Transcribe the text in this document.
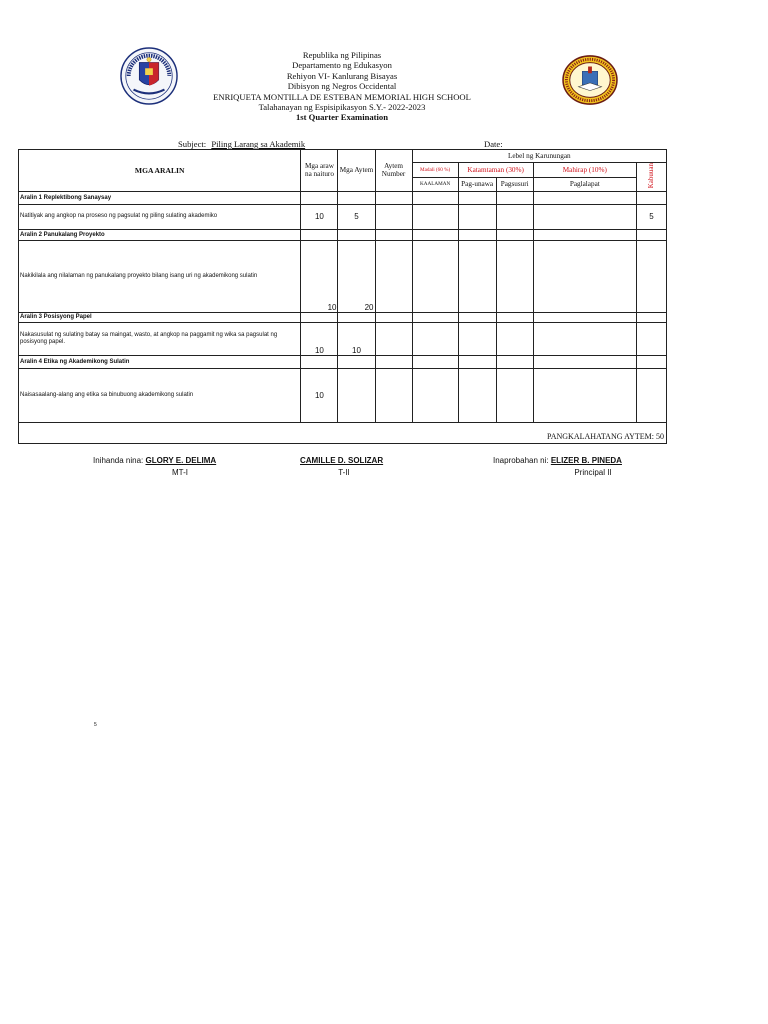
Republika ng Pilipinas
Departamento ng Edukasyon
Rehiyon VI- Kanlurang Bisayas
Dibisyon ng Negros Occidental
ENRIQUETA MONTILLA DE ESTEBAN MEMORIAL HIGH SCHOOL
Talahanayan ng Espisipikasyon S.Y.- 2022-2023
1st Quarter Examination
Subject: Piling Larang sa Akademik	Date:
MGA ARALIN	Mga araw na naituro	Mga Aytem	Aytem Number	Lebel ng Karunungan				
				Madali (60 %)	Katamtaman (30%)		Mahirap (10%)	Kabuuan
				KAALAMAN	Pag-unawa	Pagsusuri	Paglalapat	
Aralin 1 Replektibong Sanaysay								
Natitiyak ang angkop na proseso ng pagsulat ng piling sulating akademiko	10	5						5
Aralin 2 Panukalang Proyekto								
Nakikilala ang nilalaman ng panukalang proyekto bilang isang uri ng akademikong sulatin	10	20						
Aralin 3 Posisyong Papel								
Nakasusulat ng sulating batay sa maingat, wasto, at angkop na paggamit ng wika sa pagsulat ng posisyong papel.	10	10						
Aralin 4 Etika ng Akademikong Sulatin								
Naisasaalang-alang ang etika sa binubuong akademikong sulatin	10							
PANGKALAHATANG AYTEM: 50								
Inihanda nina: GLORY E. DELIMA
MT-I
CAMILLE D. SOLIZAR
T-II
Inaprobahan ni: ELIZER B. PINEDA
Principal II
5
